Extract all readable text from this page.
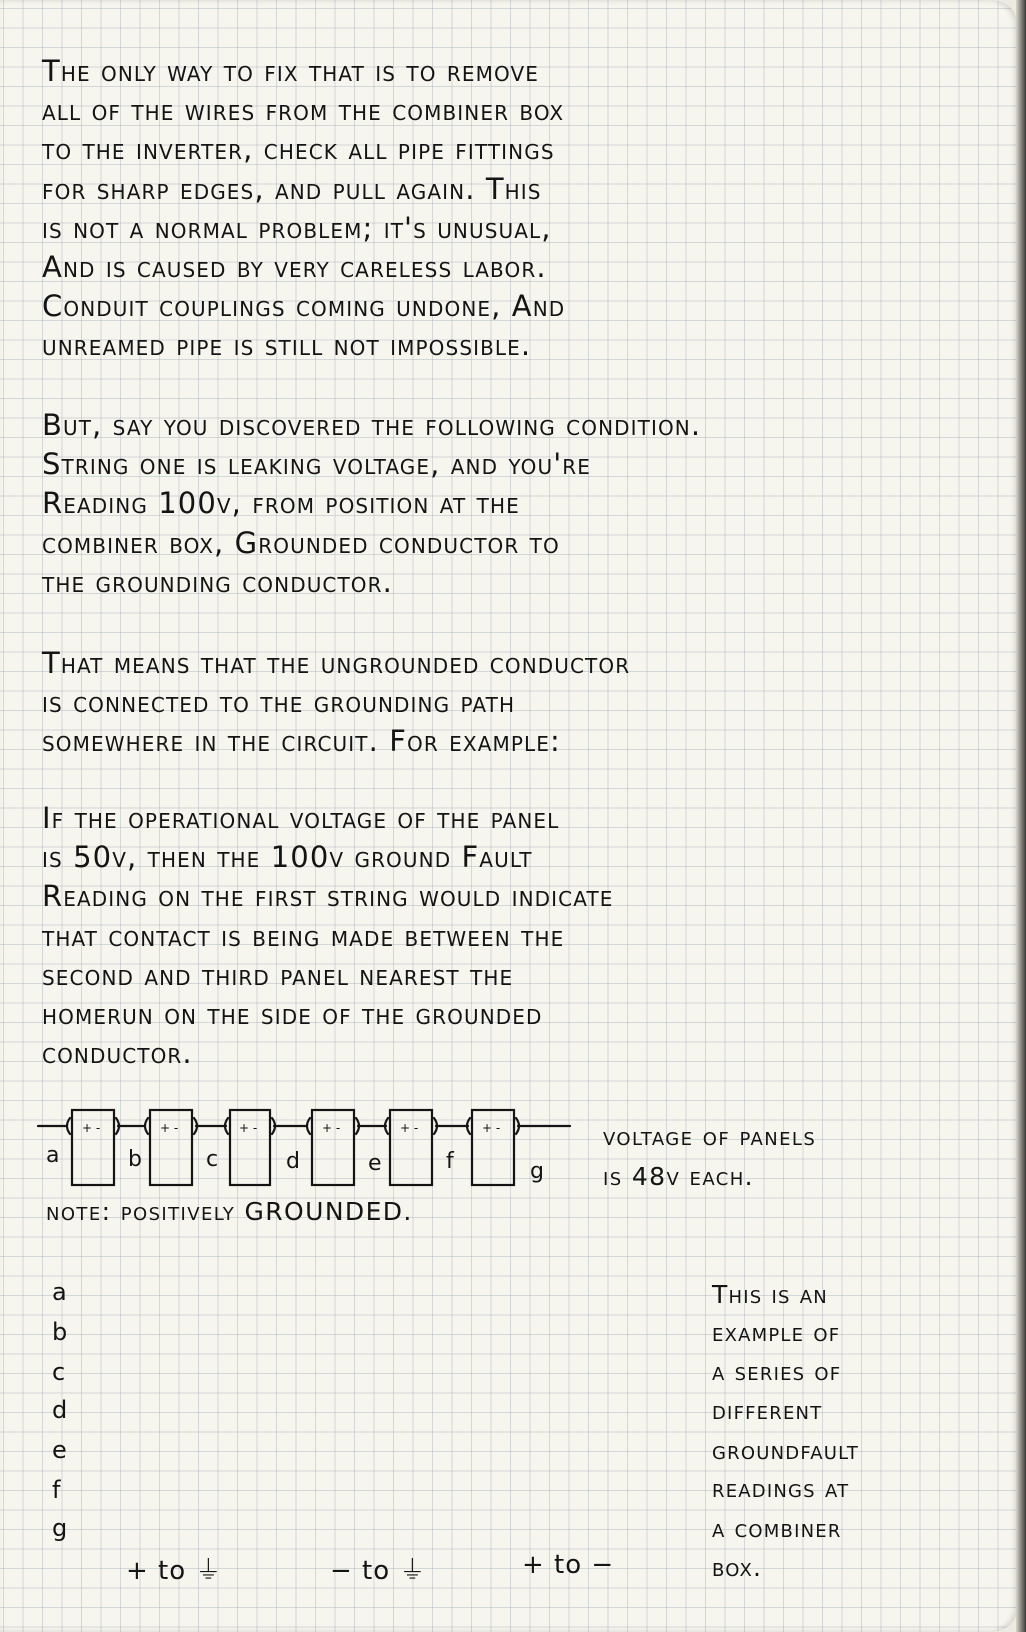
The only way to fix that is to remove
all of the wires from the combiner box
to the inverter, check all pipe fittings
for sharp edges, and pull again. This
is not a normal problem; it's unusual,
And is caused by very careless labor.
Conduit couplings coming undone, And
unreamed pipe is still not impossible.
But, say you discovered the following condition.
String one is leaking voltage, and you're
Reading 100v, from position at the
combiner box, Grounded conductor to
the grounding conductor.
That means that the ungrounded conductor
is connected to the grounding path
somewhere in the circuit. For example:
If the operational voltage of the panel
is 50v, then the 100v ground Fault
Reading on the first string would indicate
that contact is being made between the
second and third panel nearest the
homerun on the side of the grounded
conductor.
+ -	+ -	+ -	+ -	+ -	+ -
a	b	c	d	e	f	g
voltage of panels
is 48v each.
note: positively GROUNDED.
a
b
c
d
e
f
g
+ to ⏚	− to ⏚	+ to −
This is an
example of
a series of
different
groundfault
readings at
a combiner
box.
